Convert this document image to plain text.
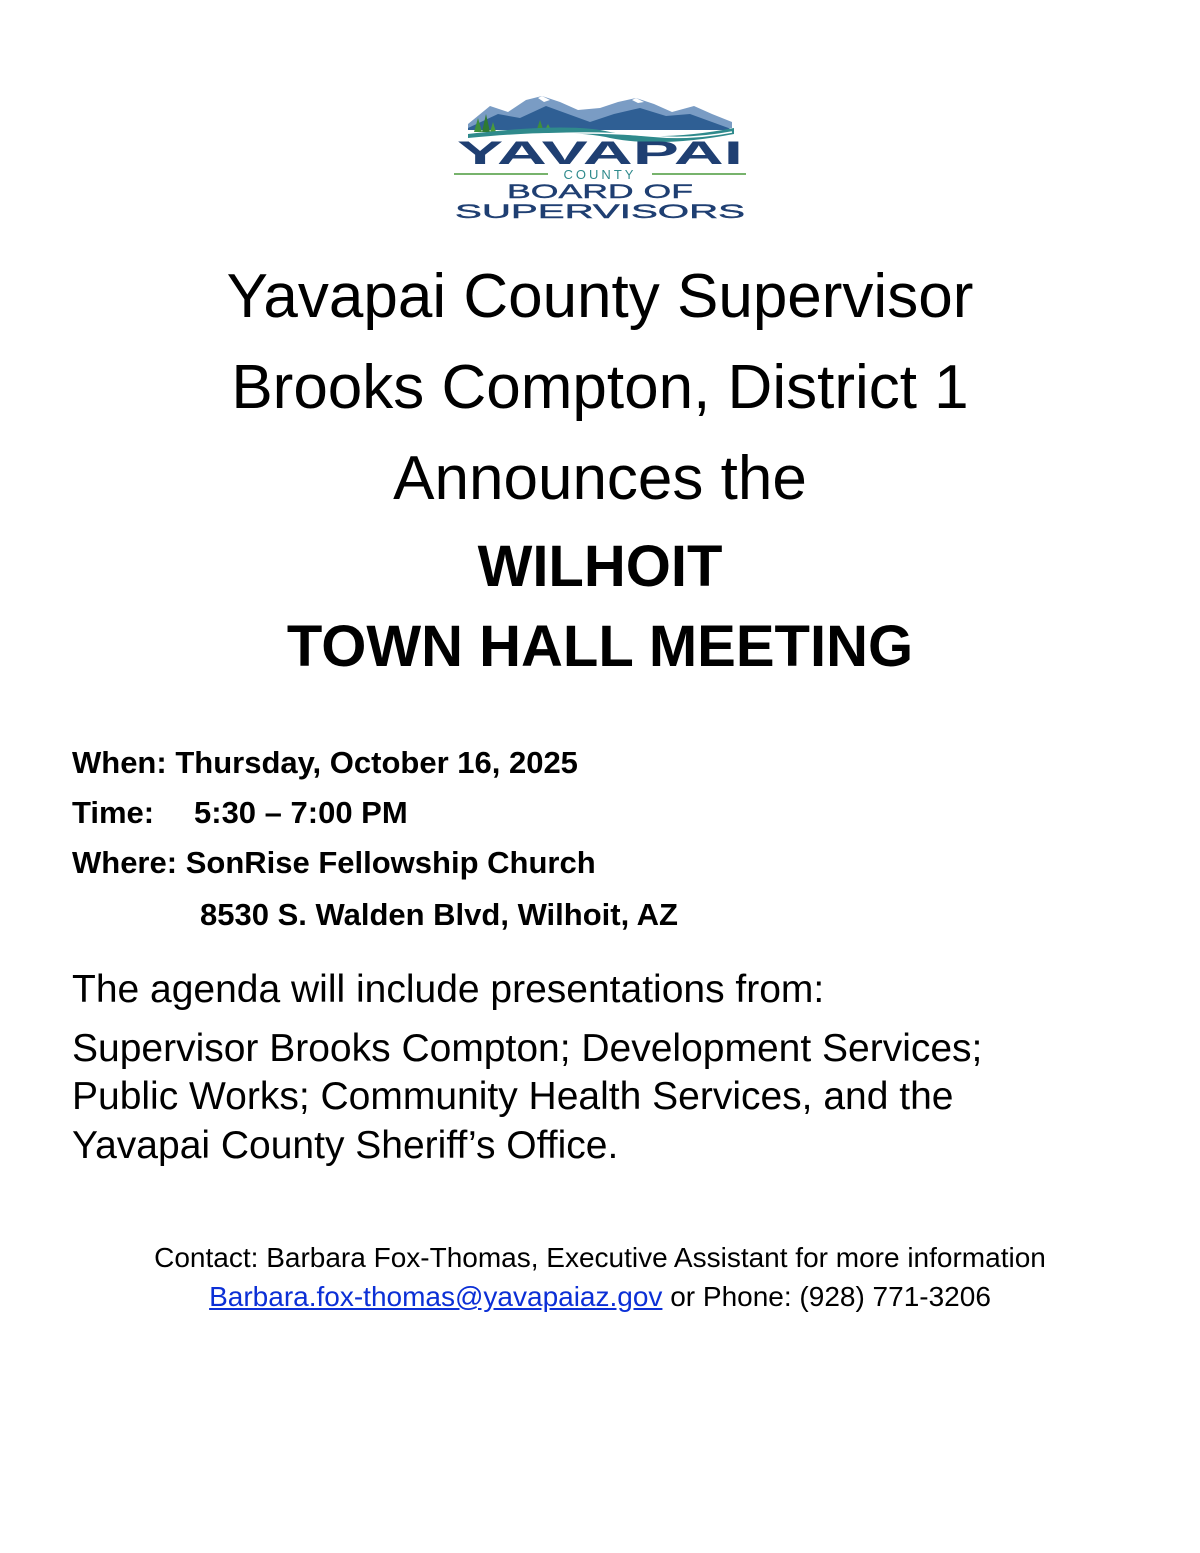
YAVAPAI
COUNTY
BOARD OF
SUPERVISORS
Yavapai County Supervisor
Brooks Compton, District 1
Announces the
WILHOIT
TOWN HALL MEETING
When: Thursday, October 16, 2025
Time: 5:30 – 7:00 PM
Where: SonRise Fellowship Church
8530 S. Walden Blvd, Wilhoit, AZ
The agenda will include presentations from:
Supervisor Brooks Compton; Development Services;
Public Works; Community Health Services, and the
Yavapai County Sheriff’s Office.
Contact: Barbara Fox-Thomas, Executive Assistant for more information
Barbara.fox-thomas@yavapaiaz.gov or Phone: (928) 771-3206
